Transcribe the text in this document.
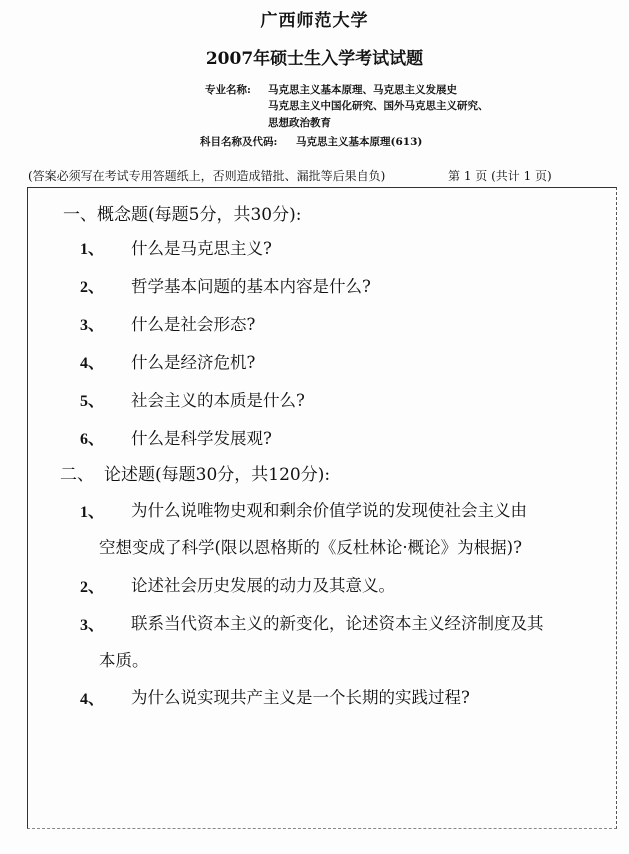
广西师范大学
2007年硕士生入学考试试题
专业名称: 马克思主义基本原理、马克思主义发展史
马克思主义中国化研究、国外马克思主义研究、
思想政治教育
科目名称及代码: 马克思主义基本原理(613)
(答案必须写在考试专用答题纸上，否则造成错批、漏批等后果自负)	第 1 页 (共计 1 页)
一、概念题(每题5分，共30分):
1、 什么是马克思主义?
2、 哲学基本问题的基本内容是什么?
3、 什么是社会形态?
4、 什么是经济危机?
5、 社会主义的本质是什么?
6、 什么是科学发展观?
二、 论述题(每题30分，共120分):
1、 为什么说唯物史观和剩余价值学说的发现使社会主义由
空想变成了科学(限以恩格斯的《反杜林论·概论》为根据)?
2、 论述社会历史发展的动力及其意义。
3、 联系当代资本主义的新变化，论述资本主义经济制度及其
本质。
4、 为什么说实现共产主义是一个长期的实践过程?
